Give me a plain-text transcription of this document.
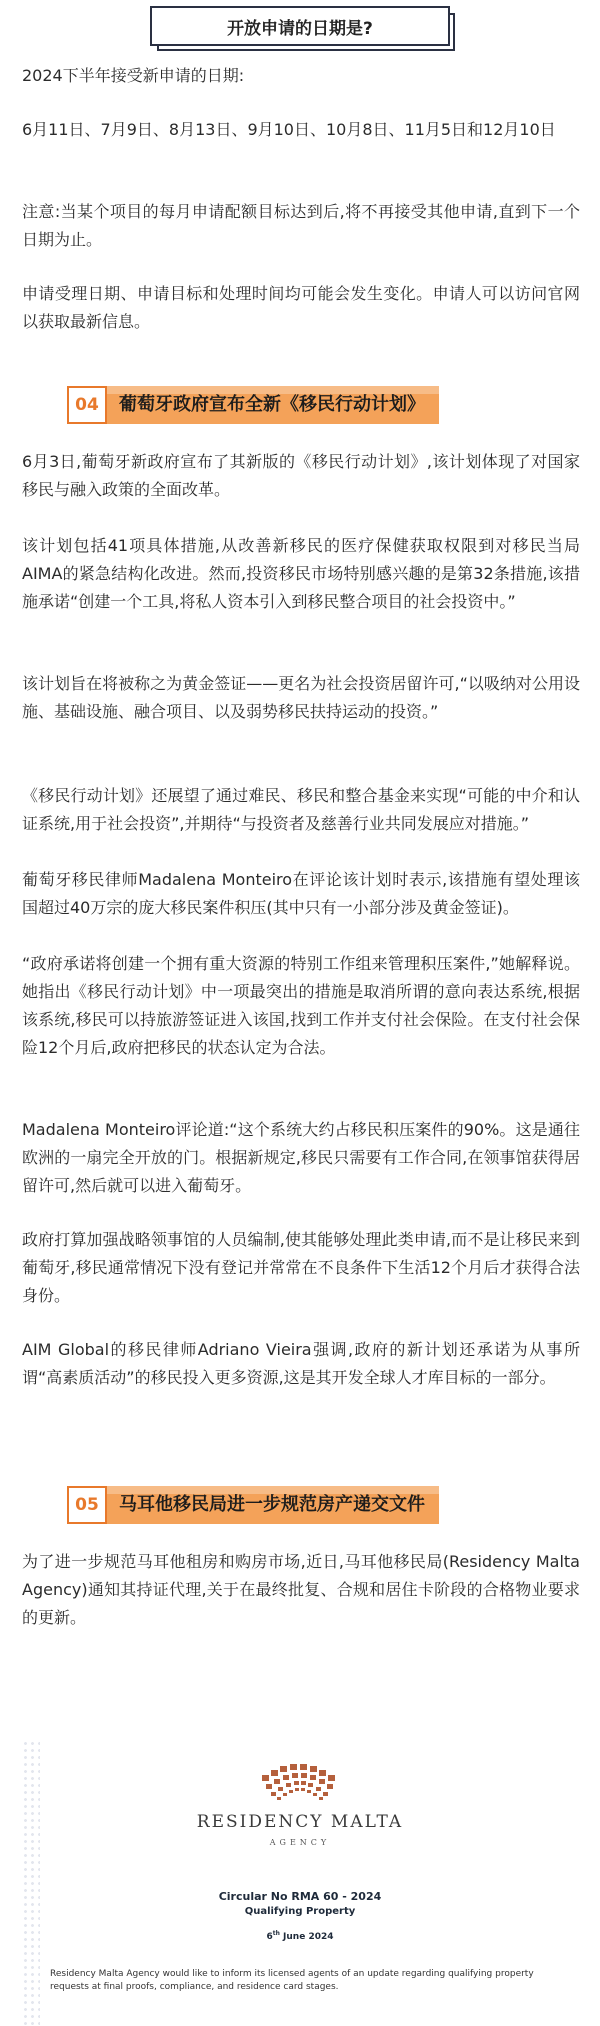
开放申请的日期是?

2024下半年接受新申请的日期:

6月11日、7月9日、8月13日、9月10日、10月8日、11月5日和12月10日

注意:当某个项目的每月申请配额目标达到后,将不再接受其他申请,直到下一个日期为止。

申请受理日期、申请目标和处理时间均可能会发生变化。申请人可以访问官网以获取最新信息。

04	葡萄牙政府宣布全新《移民行动计划》

6月3日,葡萄牙新政府宣布了其新版的《移民行动计划》,该计划体现了对国家移民与融入政策的全面改革。

该计划包括41项具体措施,从改善新移民的医疗保健获取权限到对移民当局AIMA的紧急结构化改进。然而,投资移民市场特别感兴趣的是第32条措施,该措施承诺“创建一个工具,将私人资本引入到移民整合项目的社会投资中。”

该计划旨在将被称之为黄金签证——更名为社会投资居留许可,“以吸纳对公用设施、基础设施、融合项目、以及弱势移民扶持运动的投资。”

《移民行动计划》还展望了通过难民、移民和整合基金来实现“可能的中介和认证系统,用于社会投资”,并期待“与投资者及慈善行业共同发展应对措施。”

葡萄牙移民律师Madalena Monteiro在评论该计划时表示,该措施有望处理该国超过40万宗的庞大移民案件积压(其中只有一小部分涉及黄金签证)。

“政府承诺将创建一个拥有重大资源的特别工作组来管理积压案件,”她解释说。她指出《移民行动计划》中一项最突出的措施是取消所谓的意向表达系统,根据该系统,移民可以持旅游签证进入该国,找到工作并支付社会保险。在支付社会保险12个月后,政府把移民的状态认定为合法。

Madalena Monteiro评论道:“这个系统大约占移民积压案件的90%。这是通往欧洲的一扇完全开放的门。根据新规定,移民只需要有工作合同,在领事馆获得居留许可,然后就可以进入葡萄牙。

政府打算加强战略领事馆的人员编制,使其能够处理此类申请,而不是让移民来到葡萄牙,移民通常情况下没有登记并常常在不良条件下生活12个月后才获得合法身份。

AIM Global的移民律师Adriano Vieira强调,政府的新计划还承诺为从事所谓“高素质活动”的移民投入更多资源,这是其开发全球人才库目标的一部分。

05	马耳他移民局进一步规范房产递交文件

为了进一步规范马耳他租房和购房市场,近日,马耳他移民局(Residency Malta Agency)通知其持证代理,关于在最终批复、合规和居住卡阶段的合格物业要求的更新。

RESIDENCY MALTA
AGENCY
Circular No RMA 60 - 2024
Qualifying Property
6th June 2024
Residency Malta Agency would like to inform its licensed agents of an update regarding qualifying property requests at final proofs, compliance, and residence card stages.
